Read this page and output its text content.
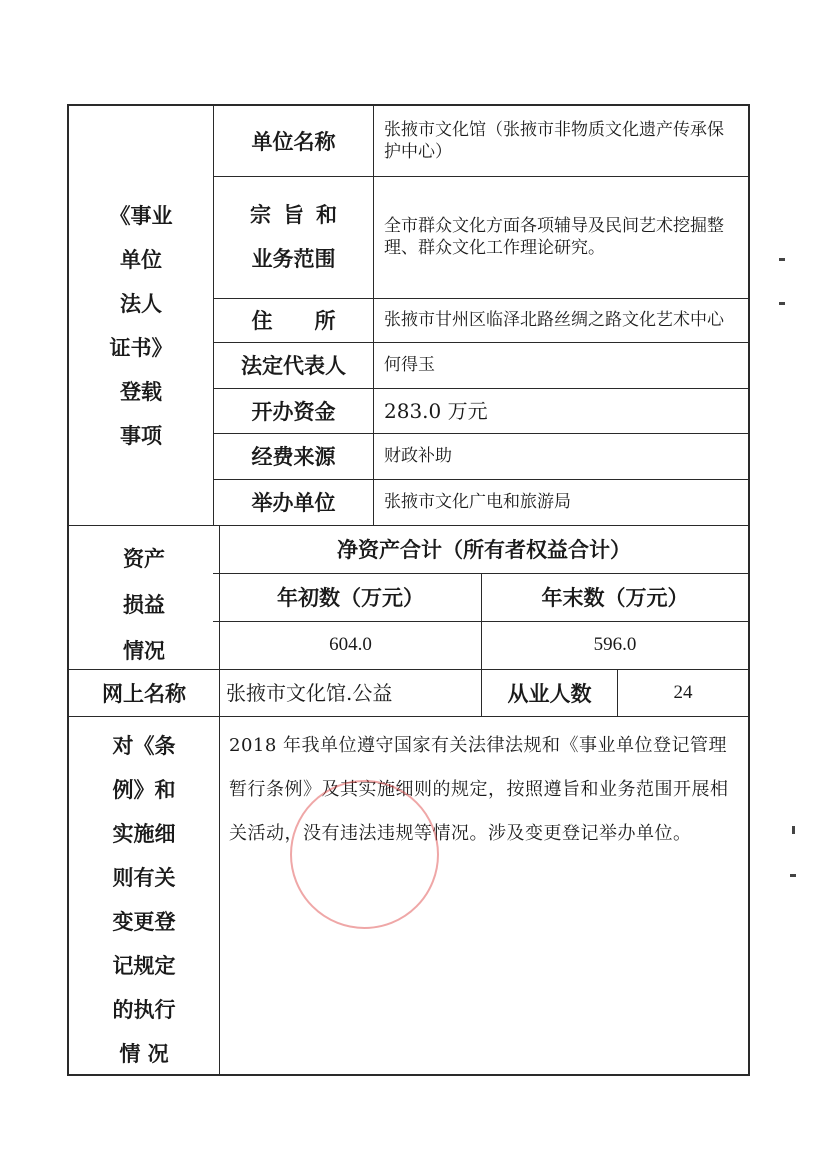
《事业
单位
法人
证书》
登载
事项
单位名称	张掖市文化馆（张掖市非物质文化遗产传承保护中心）
宗旨和
业务范围
全市群众文化方面各项辅导及民间艺术挖掘整理、群众文化工作理论研究。
住　　所	张掖市甘州区临泽北路丝绸之路文化艺术中心
法定代表人	何得玉
开办资金	283.0 万元
经费来源	财政补助
举办单位	张掖市文化广电和旅游局
资产
损益
情况
净资产合计（所有者权益合计）
年初数（万元）	年末数（万元）
604.0	596.0
网上名称	张掖市文化馆.公益	从业人数	24
对《条
例》和
实施细
则有关
变更登
记规定
的执行
情 况
2018 年我单位遵守国家有关法律法规和《事业单位登记管理暂行条例》及其实施细则的规定，按照遵旨和业务范围开展相关活动，没有违法违规等情况。涉及变更登记举办单位。
